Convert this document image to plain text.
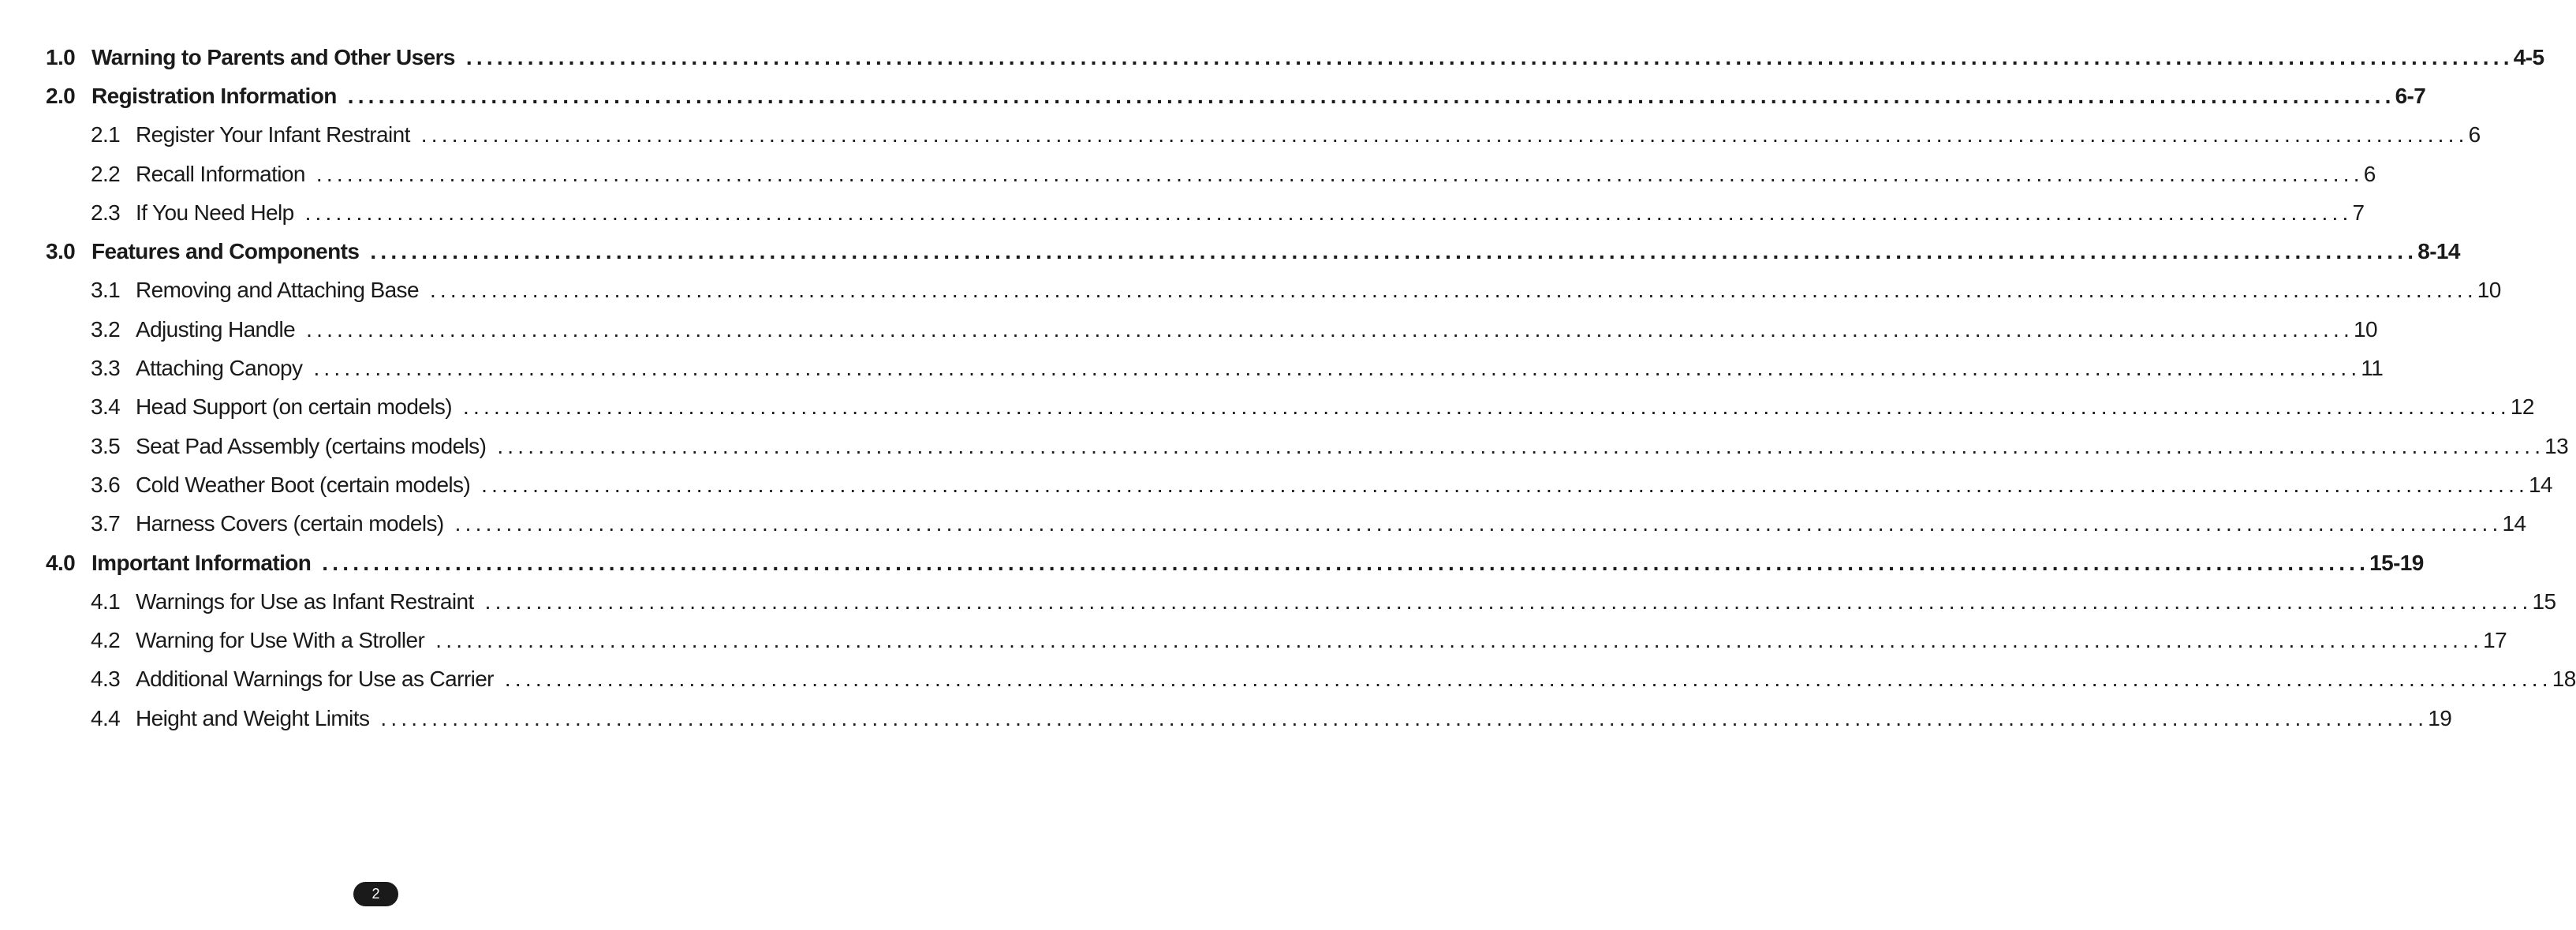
1.0 Warning to Parents and Other Users ........................................................................................................................................................................................................ 4-5
2.0 Registration Information ........................................................................................................................................................................................................ 6-7
2.1 Register Your Infant Restraint ........................................................................................................................................................................................................ 6
2.2 Recall Information ........................................................................................................................................................................................................ 6
2.3 If You Need Help ........................................................................................................................................................................................................ 7
3.0 Features and Components ........................................................................................................................................................................................................ 8-14
3.1 Removing and Attaching Base ........................................................................................................................................................................................................ 10
3.2 Adjusting Handle ........................................................................................................................................................................................................ 10
3.3 Attaching Canopy ........................................................................................................................................................................................................ 11
3.4 Head Support (on certain models) ........................................................................................................................................................................................................ 12
3.5 Seat Pad Assembly (certains models) ........................................................................................................................................................................................................ 13
3.6 Cold Weather Boot (certain models) ........................................................................................................................................................................................................ 14
3.7 Harness Covers (certain models) ........................................................................................................................................................................................................ 14
4.0 Important Information ........................................................................................................................................................................................................ 15-19
4.1 Warnings for Use as Infant Restraint ........................................................................................................................................................................................................ 15
4.2 Warning for Use With a Stroller ........................................................................................................................................................................................................ 17
4.3 Additional Warnings for Use as Carrier ........................................................................................................................................................................................................ 18
4.4 Height and Weight Limits ........................................................................................................................................................................................................ 19
2
